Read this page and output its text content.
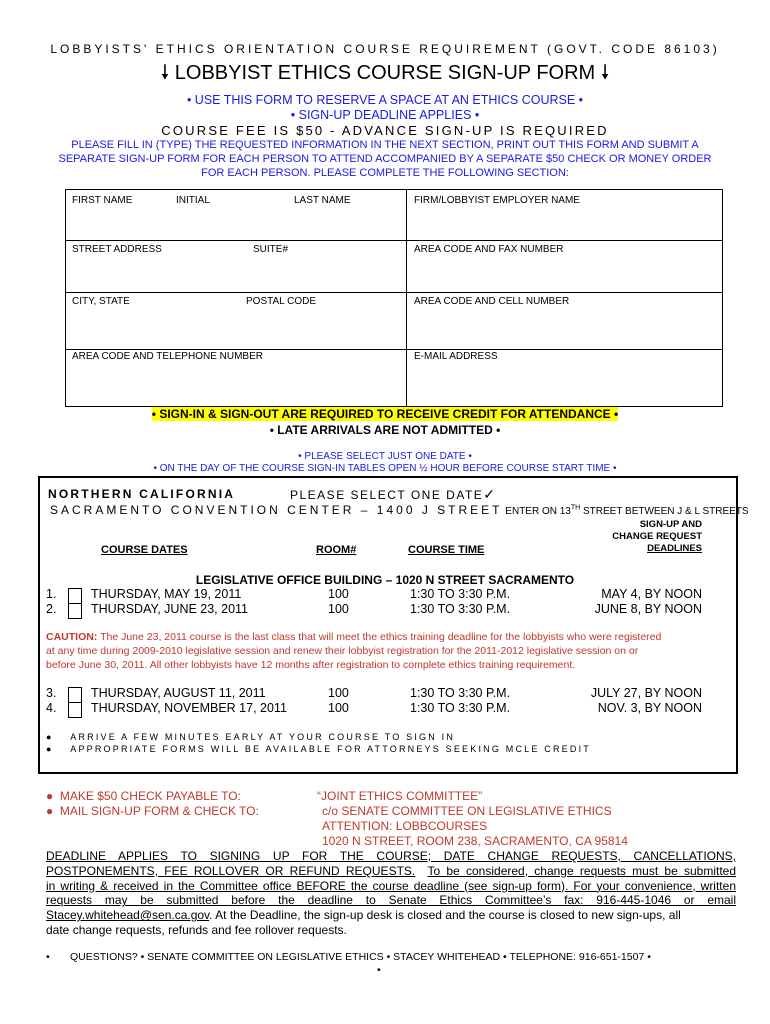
LOBBYISTS' ETHICS ORIENTATION COURSE REQUIREMENT (GOVT. CODE 86103)
🠗 LOBBYIST ETHICS COURSE SIGN-UP FORM 🠗
• USE THIS FORM TO RESERVE A SPACE AT AN ETHICS COURSE •
• SIGN-UP DEADLINE APPLIES •
COURSE FEE IS $50 - ADVANCE SIGN-UP IS REQUIRED
PLEASE FILL IN (TYPE) THE REQUESTED INFORMATION IN THE NEXT SECTION, PRINT OUT THIS FORM AND SUBMIT A
SEPARATE SIGN-UP FORM FOR EACH PERSON TO ATTEND ACCOMPANIED BY A SEPARATE $50 CHECK OR MONEY ORDER
FOR EACH PERSON. PLEASE COMPLETE THE FOLLOWING SECTION:
FIRST NAME	INITIAL	LAST NAME	FIRM/LOBBYIST EMPLOYER NAME
STREET ADDRESS	SUITE#	AREA CODE AND FAX NUMBER
CITY, STATE	POSTAL CODE	AREA CODE AND CELL NUMBER
AREA CODE AND TELEPHONE NUMBER	E-MAIL ADDRESS
• SIGN-IN & SIGN-OUT ARE REQUIRED TO RECEIVE CREDIT FOR ATTENDANCE •
• LATE ARRIVALS ARE NOT ADMITTED •
• PLEASE SELECT JUST ONE DATE •
• ON THE DAY OF THE COURSE SIGN-IN TABLES OPEN ½ HOUR BEFORE COURSE START TIME •
NORTHERN CALIFORNIA	PLEASE SELECT ONE DATE✓
SACRAMENTO CONVENTION CENTER – 1400 J STREET ENTER ON 13TH STREET BETWEEN J & L STREETS
SIGN-UP AND
CHANGE REQUEST
DEADLINES
COURSE DATES	ROOM#	COURSE TIME
LEGISLATIVE OFFICE BUILDING – 1020 N STREET SACRAMENTO
1.	THURSDAY, MAY 19, 2011	100	1:30 TO 3:30 P.M.	MAY 4, BY NOON
2.	THURSDAY, JUNE 23, 2011	100	1:30 TO 3:30 P.M.	JUNE 8, BY NOON
CAUTION: The June 23, 2011 course is the last class that will meet the ethics training deadline for the lobbyists who were registered
at any time during 2009-2010 legislative session and renew their lobbyist registration for the 2011-2012 legislative session on or
before June 30, 2011. All other lobbyists have 12 months after registration to complete ethics training requirement.
3.	THURSDAY, AUGUST 11, 2011	100	1:30 TO 3:30 P.M.	JULY 27, BY NOON
4.	THURSDAY, NOVEMBER 17, 2011	100	1:30 TO 3:30 P.M.	NOV. 3, BY NOON
● ARRIVE A FEW MINUTES EARLY AT YOUR COURSE TO SIGN IN
● APPROPRIATE FORMS WILL BE AVAILABLE FOR ATTORNEYS SEEKING MCLE CREDIT
● MAKE $50 CHECK PAYABLE TO:
● MAIL SIGN-UP FORM & CHECK TO:
“JOINT ETHICS COMMITTEE”
c/o SENATE COMMITTEE ON LEGISLATIVE ETHICS
ATTENTION: LOBBCOURSES
1020 N STREET, ROOM 238, SACRAMENTO, CA 95814
DEADLINE APPLIES TO SIGNING UP FOR THE COURSE; DATE CHANGE REQUESTS, CANCELLATIONS,
POSTPONEMENTS, FEE ROLLOVER OR REFUND REQUESTS. To be considered, change requests must be submitted
in writing & received in the Committee office BEFORE the course deadline (see sign-up form). For your convenience, written
requests may be submitted before the deadline to Senate Ethics Committee’s fax: 916-445-1046 or email
Stacey.whitehead@sen.ca.gov. At the Deadline, the sign-up desk is closed and the course is closed to new sign-ups, all
date change requests, refunds and fee rollover requests.
• QUESTIONS? • SENATE COMMITTEE ON LEGISLATIVE ETHICS • STACEY WHITEHEAD • TELEPHONE: 916-651-1507 •
•
